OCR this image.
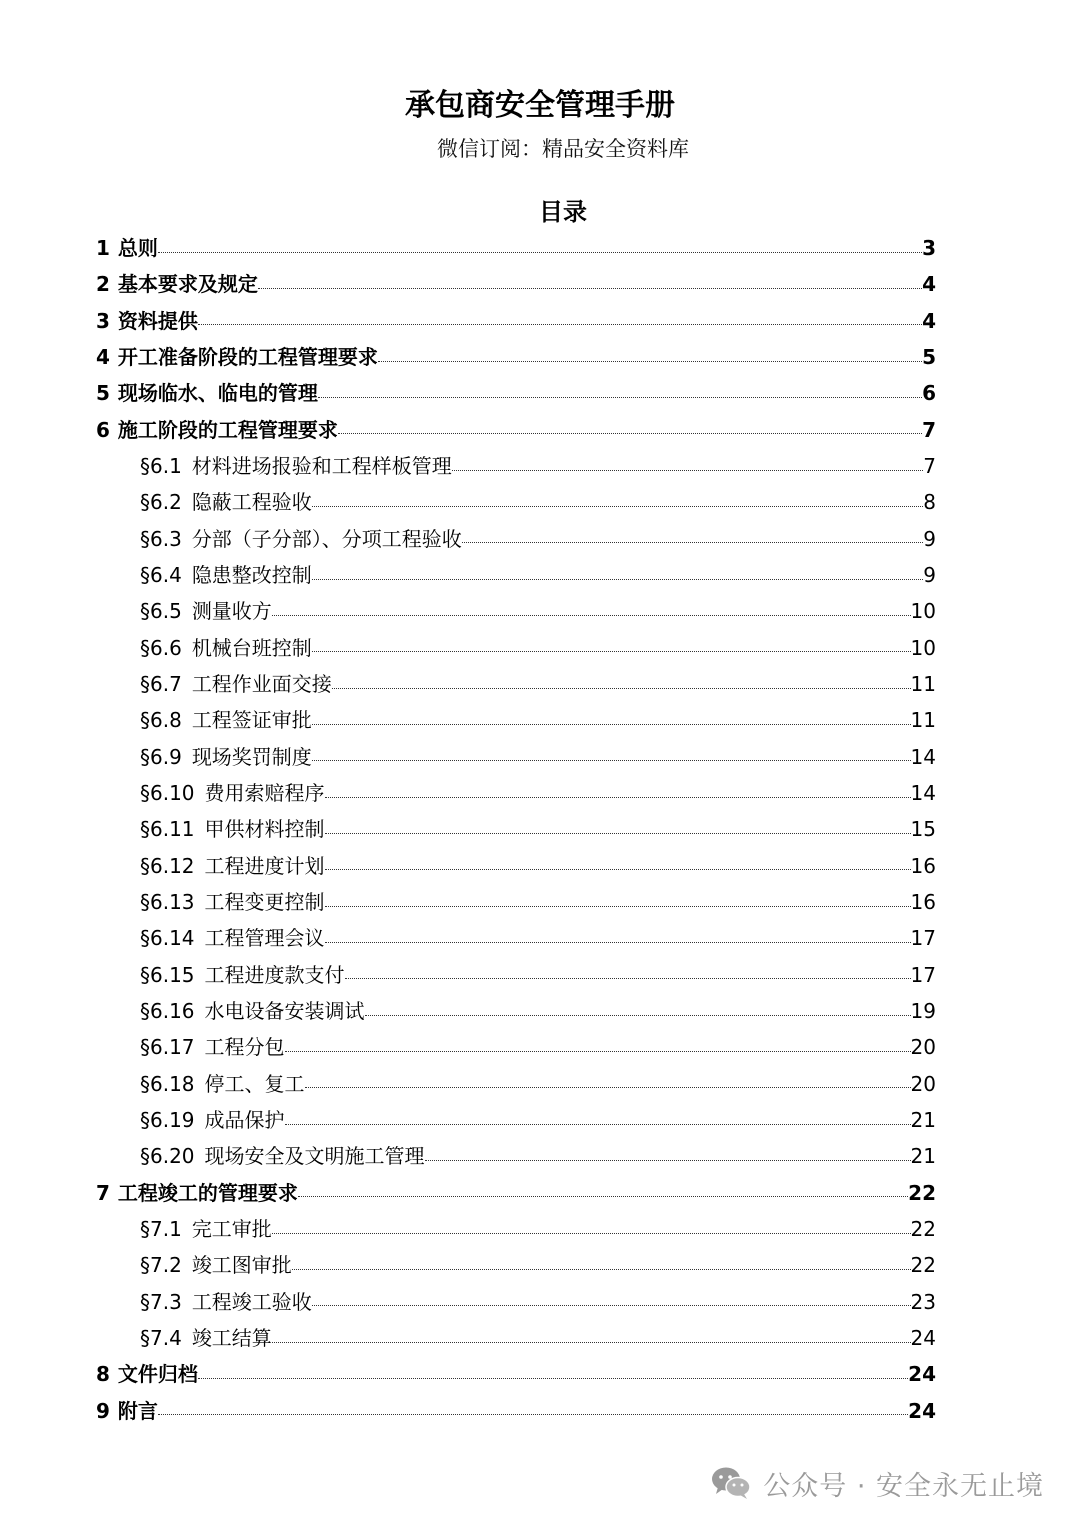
承包商安全管理手册
微信订阅：精品安全资料库
目录
1 总则	3
2 基本要求及规定	4
3 资料提供	4
4 开工准备阶段的工程管理要求	5
5 现场临水、临电的管理	6
6 施工阶段的工程管理要求	7
§6.1 材料进场报验和工程样板管理	7
§6.2 隐蔽工程验收	8
§6.3 分部（子分部）、分项工程验收	9
§6.4 隐患整改控制	9
§6.5 测量收方	10
§6.6 机械台班控制	10
§6.7 工程作业面交接	11
§6.8 工程签证审批	11
§6.9 现场奖罚制度	14
§6.10 费用索赔程序	14
§6.11 甲供材料控制	15
§6.12 工程进度计划	16
§6.13 工程变更控制	16
§6.14 工程管理会议	17
§6.15 工程进度款支付	17
§6.16 水电设备安装调试	19
§6.17 工程分包	20
§6.18 停工、复工	20
§6.19 成品保护	21
§6.20 现场安全及文明施工管理	21
7 工程竣工的管理要求	22
§7.1 完工审批	22
§7.2 竣工图审批	22
§7.3 工程竣工验收	23
§7.4 竣工结算	24
8 文件归档	24
9 附言	24
公众号 · 安全永无止境
